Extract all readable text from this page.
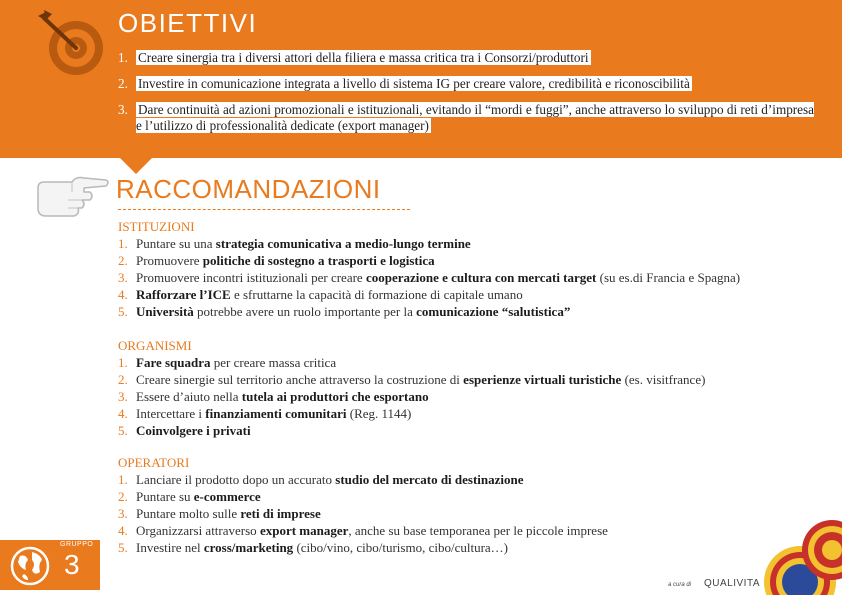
OBIETTIVI
1. Creare sinergia tra i diversi attori della filiera e massa critica tra i Consorzi/produttori
2. Investire in comunicazione integrata a livello di sistema IG per creare valore, credibilità e riconoscibilità
3. Dare continuità ad azioni promozionali e istituzionali, evitando il “mordi e fuggi”, anche attraverso lo sviluppo di reti d’impresa e l’utilizzo di professionalità dedicate (export manager)
RACCOMANDAZIONI
ISTITUZIONI
1. Puntare su una strategia comunicativa a medio-lungo termine
2. Promuovere politiche di sostegno a trasporti e logistica
3. Promuovere incontri istituzionali per creare cooperazione e cultura con mercati target (su es.di Francia e Spagna)
4. Rafforzare l’ICE e sfruttarne la capacità di formazione di capitale umano
5. Università potrebbe avere un ruolo importante per la comunicazione “salutistica”
ORGANISMI
1. Fare squadra per creare massa critica
2. Creare sinergie sul territorio anche attraverso la costruzione di esperienze virtuali turistiche (es. visitfrance)
3. Essere d’aiuto nella tutela ai produttori che esportano
4. Intercettare i finanziamenti comunitari (Reg. 1144)
5. Coinvolgere i privati
OPERATORI
1. Lanciare il prodotto dopo un accurato studio del mercato di destinazione
2. Puntare su e-commerce
3. Puntare molto sulle reti di imprese
4. Organizzarsi attraverso export manager, anche su base temporanea per le piccole imprese
5. Investire nel cross/marketing (cibo/vino, cibo/turismo, cibo/cultura…)
GRUPPO
3
a cura di QUALIVITA
